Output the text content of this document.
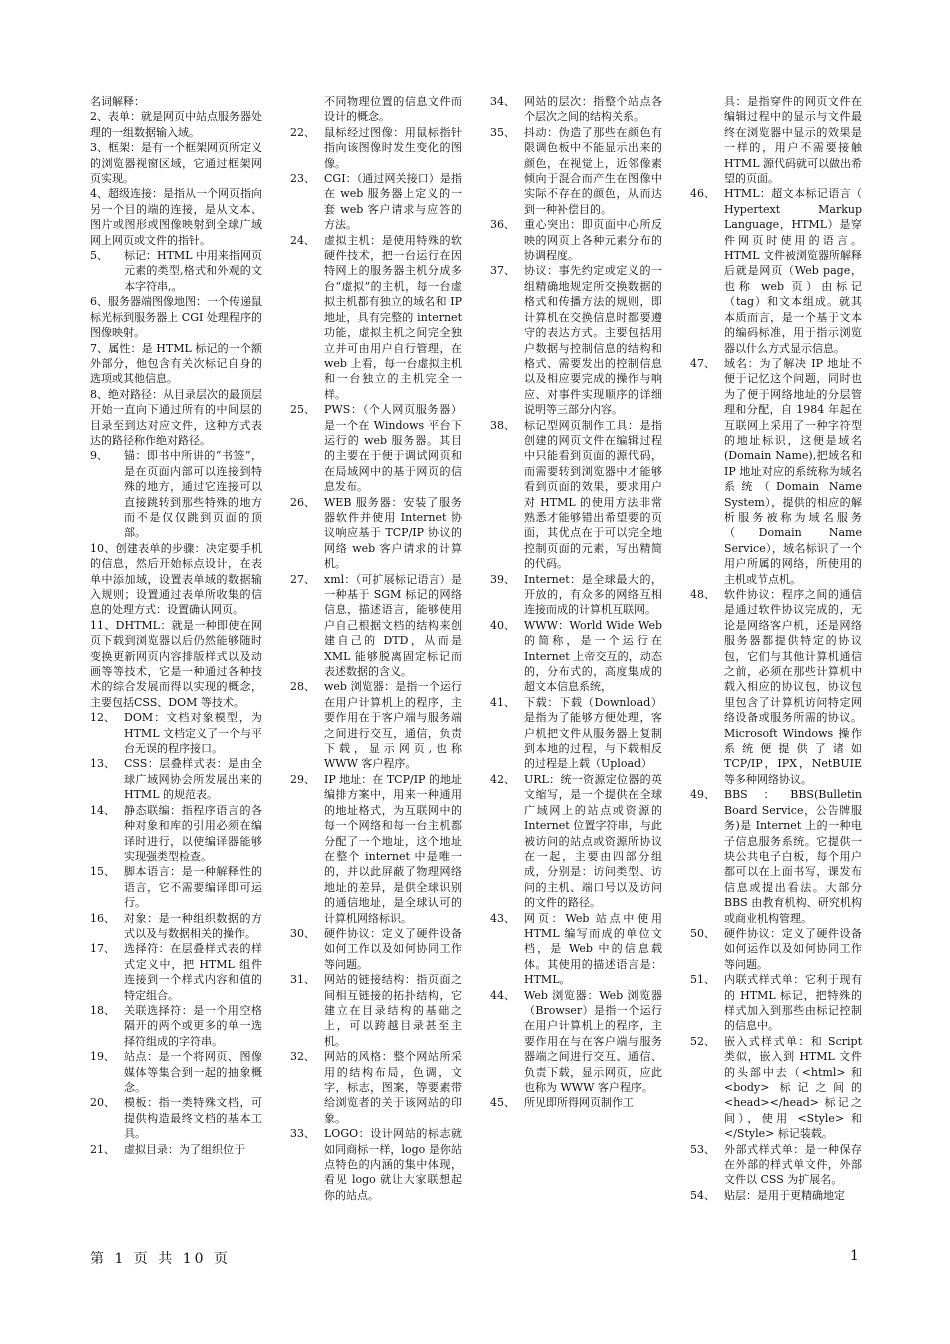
名词解释：
2、表单：就是网页中站点服务器处理的一组数据输入域。
3、框架：是有一个框架网页所定义的浏览器视窗区域，它通过框架网页实现。
4、超级连接：是指从一个网页指向另一个目的端的连接，是从文本、图片或图形或图像映射到全球广域网上网页或文件的指针。
5、	标记：HTML 中用来指网页元素的类型,格式和外观的文本字符串,。
6、服务器端图像地图：一个传递鼠标光标到服务器上 CGI 处理程序的图像映射。
7、属性：是 HTML 标记的一个额外部分，他包含有关次标记自身的选项或其他信息。
8、绝对路径：从目录层次的最顶层开始一直向下通过所有的中间层的目录至到达对应文件，这种方式表达的路径称作绝对路径。
9、	锚：即书中所讲的“书签”，是在页面内部可以连接到特殊的地方，通过它连接可以直接跳转到那些特殊的地方而不是仅仅跳到页面的顶部。
10、创建表单的步骤：决定要手机的信息，然后开始标点设计，在表单中添加域，设置表单域的数据输入规则；设置通过表单所收集的信息的处理方式：设置确认网页。
11、DHTML：就是一种即使在网页下载到浏览器以后仍然能够随时变换更新网页内容排版样式以及动画等等技术，它是一种通过各种技术的综合发展而得以实现的概念，主要包括CSS、DOM 等技术。
12、 DOM：文档对象模型，为 HTML 文档定义了一个与平台无误的程序接口。
13、 CSS：层叠样式表：是由全球广域网协会所发展出来的 HTML 的规范表。
14、 静态联编：指程序语言的各种对象和库的引用必须在编译时进行，以使编译器能够实现强类型检查。
15、 脚本语言：是一种解释性的语言，它不需要编译即可运行。
16、 对象：是一种组织数据的方式以及与数据相关的操作。
17、 选择符：在层叠样式表的样式定义中，把 HTML 组件连接到一个样式内容和值的特定组合。
18、 关联选择符：是一个用空格隔开的两个或更多的单一选择符组成的字符串。
19、 站点：是一个将网页、图像媒体等集合到一起的抽象概念。
20、 模板：指一类特殊文档，可提供构造最终文档的基本工具。
21、 虚拟目录：为了组织位于
不同物理位置的信息文件而设计的概念。
22、 鼠标经过图像：用鼠标指针指向该图像时发生变化的图像。
23、 CGI：（通过网关接口）是指在 web 服务器上定义的一套 web 客户请求与应答的方法。
24、 虚拟主机：是使用特殊的软硬件技术，把一台运行在因特网上的服务器主机分成多台“虚拟”的主机，每一台虚拟主机都有独立的域名和 IP 地址，具有完整的 internet 功能，虚拟主机之间完全独立并可由用户自行管理，在 web 上看，每一台虚拟主机和一台独立的主机完全一样。
25、 PWS：（个人网页服务器）是一个在 Windows 平台下运行的 web 服务器。其目的主要在于便于调试网页和在局域网中的基于网页的信息发布。
26、 WEB 服务器：安装了服务器软件并使用 Internet 协议响应基于 TCP/IP 协议的网络 web 客户请求的计算机。
27、 xml：（可扩展标记语言）是一种基于 SGM 标记的网络信息，描述语言，能够使用户自己根据文档的结构来创建自己的 DTD，从而是 XML 能够脱离固定标记而表述数据的含义。
28、 web 浏览器：是指一个运行在用户计算机上的程序，主要作用在于客户端与服务端之间进行交互，通信，负责下载，显示网页,也称 WWW 客户程序。
29、 IP 地址：在 TCP/IP 的地址编排方案中，用来一种通用的地址格式，为互联网中的每一个网络和每一台主机都分配了一个地址，这个地址在整个 internet 中是唯一的，并以此屏蔽了物理网络地址的差异，是供全球识别的通信地址，是全球认可的计算机网络标识。
30、 硬件协议：定义了硬件设备如何工作以及如何协同工作等问题。
31、 网站的链接结构：指页面之间相互链接的拓扑结构，它建立在目录结构的基础之上，可以跨越目录甚至主机。
32、 网站的风格：整个网站所采用的结构布局，色调，文字，标志，图案，等要素带给浏览者的关于该网站的印象。
33、 LOGO：设计网站的标志就如同商标一样，logo 是你站点特色的内涵的集中体现，看见 logo 就让大家联想起你的站点。
34、 网站的层次：指整个站点各个层次之间的结构关系。
35、 抖动：伪造了那些在颜色有限调色板中不能显示出来的颜色，在视觉上，近邻像素倾向于混合而产生在图像中实际不存在的颜色，从而达到一种补偿目的。
36、 重心突出：即页面中心所反映的网页上各种元素分布的协调程度。
37、 协议：事先约定或定义的一组精确地规定所交换数据的格式和传播方法的规则，即计算机在交换信息时都要遵守的表达方式。主要包括用户数据与控制信息的结构和格式、需要发出的控制信息以及相应要完成的操作与响应、对事件实现顺序的详细说明等三部分内容。
38、 标记型网页制作工具：是指创建的网页文件在编辑过程中只能看到页面的源代码，而需要转到浏览器中才能够看到页面的效果，要求用户对 HTML 的使用方法非常熟悉才能够错出希望要的页面，其优点在于可以完全地控制页面的元素，写出精简的代码。
39、 Internet：是全球最大的，开放的，有众多的网络互相连接而成的计算机互联网。
40、 WWW：World Wide Web 的简称，是一个运行在 Internet 上帝交互的，动态的，分布式的，高度集成的超文本信息系统，
41、 下载：下载（Download）是指为了能够方便处理，客户机把文件从服务器上复制到本地的过程，与下载相反的过程是上载（Upload）
42、 URL：统一资源定位器的英文缩写，是一个提供在全球广域网上的站点或资源的 Internet 位置字符串，与此被访问的站点或资源所协议在一起，主要由四部分组成，分别是：访问类型、访问的主机、端口号以及访问的文件的路径。
43、 网页：Web 站点中使用 HTML 编写而成的单位文档，是 Web 中的信息载体。其使用的描述语言是：HTML。
44、 Web 浏览器：Web 浏览器（Browser）是指一个运行在用户计算机上的程序，主要作用在与在客户端与服务器端之间进行交互、通信、负责下载，显示网页，应此也称为 WWW 客户程序。
45、 所见即所得网页制作工
具：是指穿件的网页文件在编辑过程中的显示与文件最终在浏览器中显示的效果是一样的，用户不需要接触 HTML 源代码就可以做出希望的页面。
46、 HTML：超文本标记语言（ Hypertext Markup Language，HTML）是穿件网页时使用的语言。HTML 文件被浏览器所解释后就是网页（Web page，也称 web 页）由标记（tag）和文本组成。就其本质而言，是一个基于文本的编码标准，用于指示浏览器以什么方式显示信息。
47、 域名：为了解决 IP 地址不便于记忆这个问题，同时也为了便于网络地址的分层管理和分配，自 1984 年起在互联网上采用了一种字符型的地址标识，这便是域名(Domain Name),把域名和 IP 地址对应的系统称为域名系统（Domain Name System），提供的相应的解析服务被称为域名服务（Domain Name Service），域名标识了一个用户所属的网络，所使用的主机或节点机。
48、 软件协议：程序之间的通信是通过软件协议完成的，无论是网络客户机，还是网络服务器都提供特定的协议包，它们与其他计算机通信之前，必须在那些计算机中载入相应的协议包，协议包里包含了计算机访问特定网络设备或服务所需的协议。Microsoft Windows 操作系统便提供了诸如 TCP/IP，IPX，NetBUIE 等多种网络协议。
49、 BBS：BBS(Bulletin Board Service，公告牌服务)是 Internet 上的一种电子信息服务系统。它提供一块公共电子白板，每个用户都可以在上面书写，课发布信息或提出看法。大部分 BBS 由教育机构、研究机构或商业机构管理。
50、 硬件协议：定义了硬件设备如何运作以及如何协同工作等问题。
51、 内联式样式单：它利于现有的 HTML 标记，把特殊的样式加入到那些由标记控制的信息中。
52、 嵌入式样式单：和 Script 类似，嵌入到 HTML 文件的头部中去（<html> 和 <body> 标记之间的 <head></head> 标记之间），使用 <Style> 和 </Style> 标记装载。
53、 外部式样式单：是一种保存在外部的样式单文件，外部文件以 CSS 为扩展名。
54、 贴层：是用于更精确地定
第 1 页 共 10 页	1
